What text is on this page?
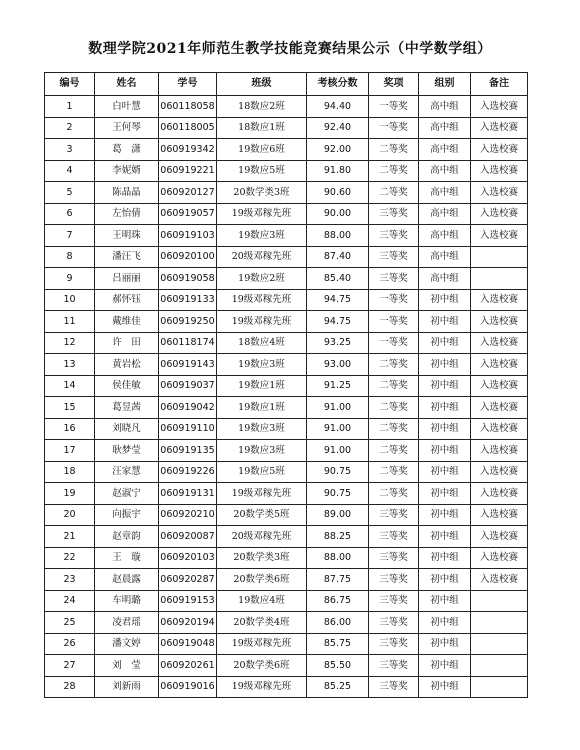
数理学院2021年师范生教学技能竞赛结果公示（中学数学组）
编号	姓名	学号	班级	考核分数	奖项	组别	备注
1	白叶慧	060118058	18数应2班	94.40	一等奖	高中组	入选校赛
2	王何琴	060118005	18数应1班	92.40	一等奖	高中组	入选校赛
3	葛　潇	060919342	19数应6班	92.00	二等奖	高中组	入选校赛
4	李妮婿	060919221	19数应5班	91.80	二等奖	高中组	入选校赛
5	陈晶晶	060920127	20数学类3班	90.60	二等奖	高中组	入选校赛
6	左怡倩	060919057	19级邓稼先班	90.00	三等奖	高中组	入选校赛
7	王明珠	060919103	19数应3班	88.00	三等奖	高中组	入选校赛
8	潘汪飞	060920100	20级邓稼先班	87.40	三等奖	高中组	
9	吕丽丽	060919058	19数应2班	85.40	三等奖	高中组	
10	郝怀钰	060919133	19级邓稼先班	94.75	一等奖	初中组	入选校赛
11	戴维佳	060919250	19级邓稼先班	94.75	一等奖	初中组	入选校赛
12	许　田	060118174	18数应4班	93.25	一等奖	初中组	入选校赛
13	黄岩松	060919143	19数应3班	93.00	二等奖	初中组	入选校赛
14	侯佳敏	060919037	19数应1班	91.25	二等奖	初中组	入选校赛
15	葛昱茜	060919042	19数应1班	91.00	二等奖	初中组	入选校赛
16	刘晓凡	060919110	19数应3班	91.00	二等奖	初中组	入选校赛
17	耿梦莹	060919135	19数应3班	91.00	二等奖	初中组	入选校赛
18	汪家慧	060919226	19数应5班	90.75	二等奖	初中组	入选校赛
19	赵淑宁	060919131	19级邓稼先班	90.75	二等奖	初中组	入选校赛
20	向振宇	060920210	20数学类5班	89.00	三等奖	初中组	入选校赛
21	赵章韵	060920087	20级邓稼先班	88.25	三等奖	初中组	入选校赛
22	王　璇	060920103	20数学类3班	88.00	三等奖	初中组	入选校赛
23	赵晨露	060920287	20数学类6班	87.75	三等奖	初中组	入选校赛
24	车明璐	060919153	19数应4班	86.75	三等奖	初中组	
25	凌君瑶	060920194	20数学类4班	86.00	三等奖	初中组	
26	潘文婷	060919048	19级邓稼先班	85.75	三等奖	初中组	
27	刘　莹	060920261	20数学类6班	85.50	三等奖	初中组	
28	刘新雨	060919016	19级邓稼先班	85.25	三等奖	初中组	
